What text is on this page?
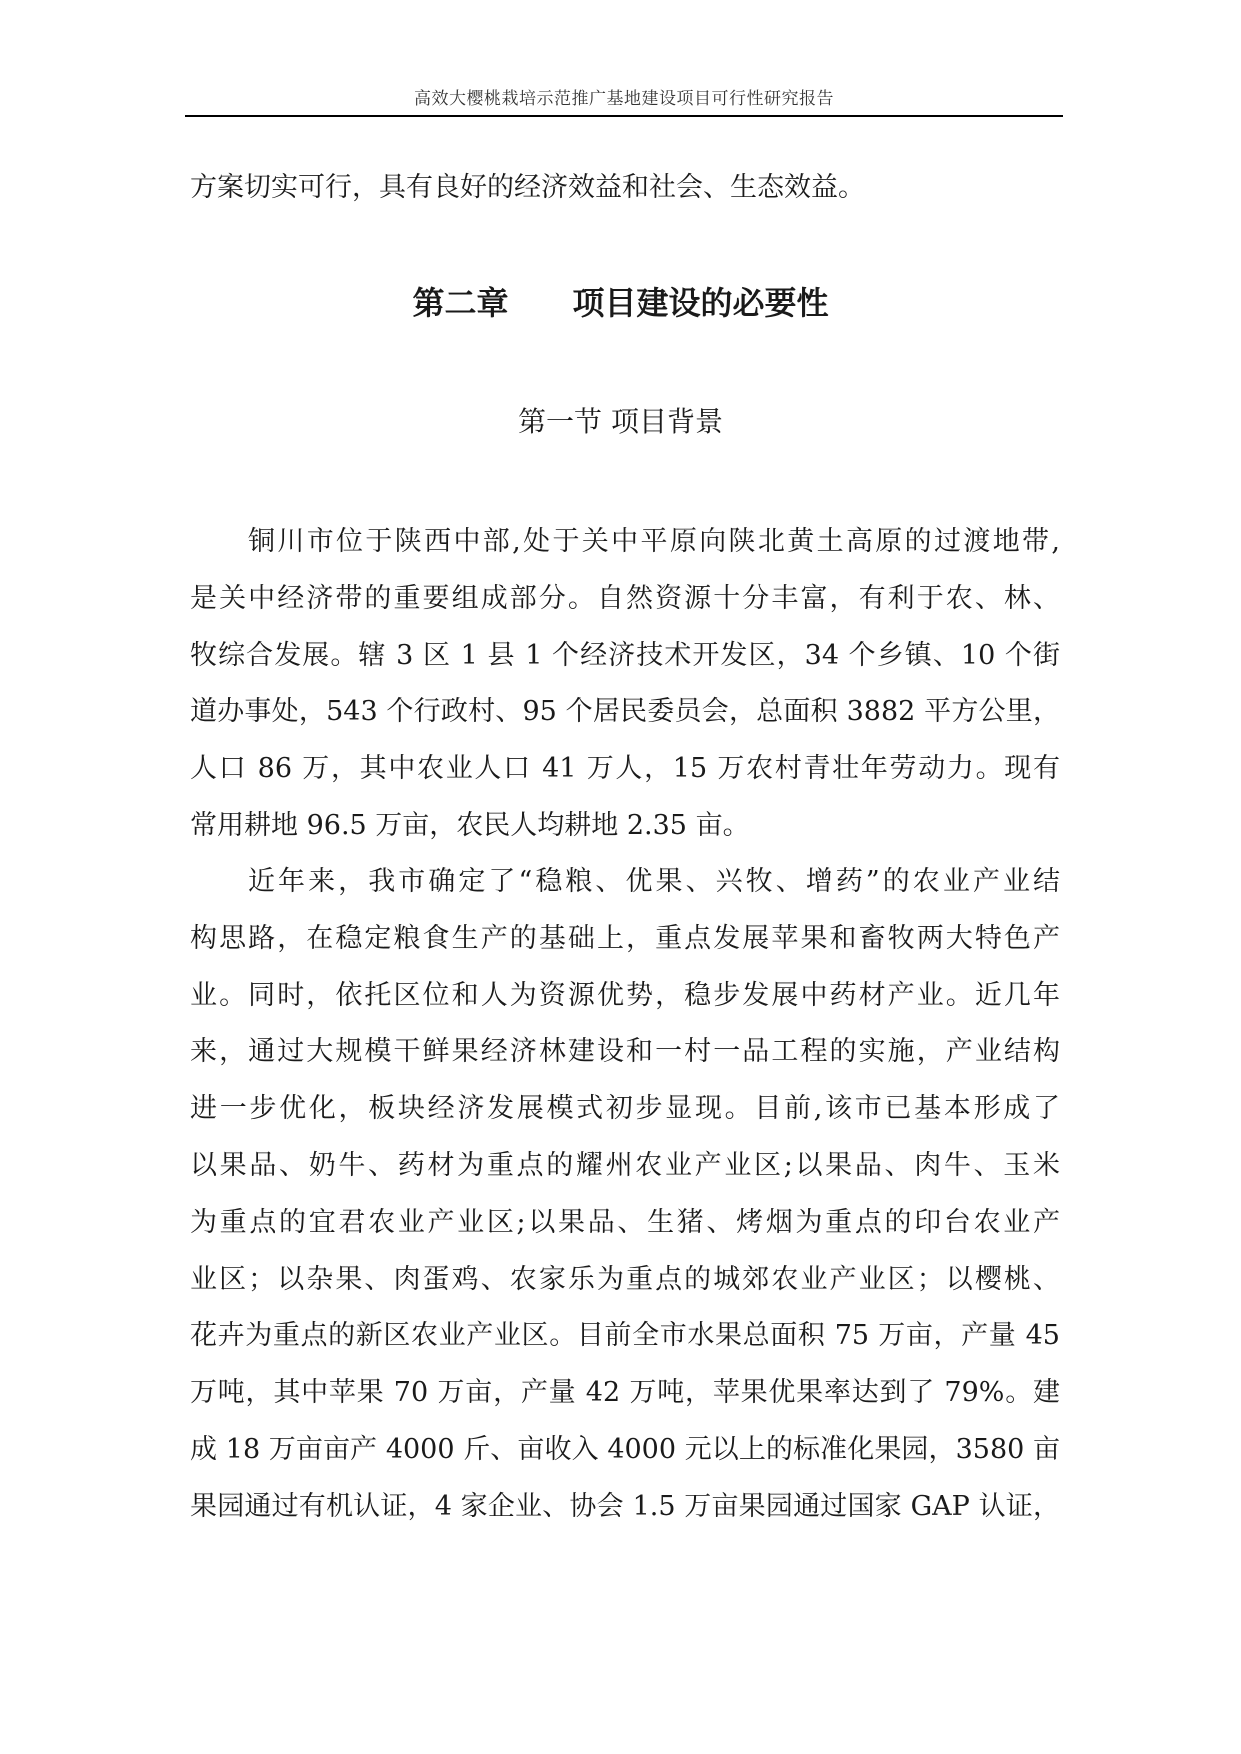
高效大樱桃栽培示范推广基地建设项目可行性研究报告
方案切实可行，具有良好的经济效益和社会、生态效益。
第二章　　项目建设的必要性
第一节 项目背景
铜川市位于陕西中部,处于关中平原向陕北黄土高原的过渡地带,
是关中经济带的重要组成部分。自然资源十分丰富，有利于农、林、
牧综合发展。辖 3 区 1 县 1 个经济技术开发区，34 个乡镇、10 个街
道办事处，543 个行政村、95 个居民委员会，总面积 3882 平方公里，
人口 86 万，其中农业人口 41 万人，15 万农村青壮年劳动力。现有
常用耕地 96.5 万亩，农民人均耕地 2.35 亩。
近年来，我市确定了“稳粮、优果、兴牧、增药”的农业产业结
构思路，在稳定粮食生产的基础上，重点发展苹果和畜牧两大特色产
业。同时，依托区位和人为资源优势，稳步发展中药材产业。近几年
来，通过大规模干鲜果经济林建设和一村一品工程的实施，产业结构
进一步优化，板块经济发展模式初步显现。目前,该市已基本形成了
以果品、奶牛、药材为重点的耀州农业产业区;以果品、肉牛、玉米
为重点的宜君农业产业区;以果品、生猪、烤烟为重点的印台农业产
业区；以杂果、肉蛋鸡、农家乐为重点的城郊农业产业区；以樱桃、
花卉为重点的新区农业产业区。目前全市水果总面积 75 万亩，产量 45
万吨，其中苹果 70 万亩，产量 42 万吨，苹果优果率达到了 79%。建
成 18 万亩亩产 4000 斤、亩收入 4000 元以上的标准化果园，3580 亩
果园通过有机认证，4 家企业、协会 1.5 万亩果园通过国家 GAP 认证，
